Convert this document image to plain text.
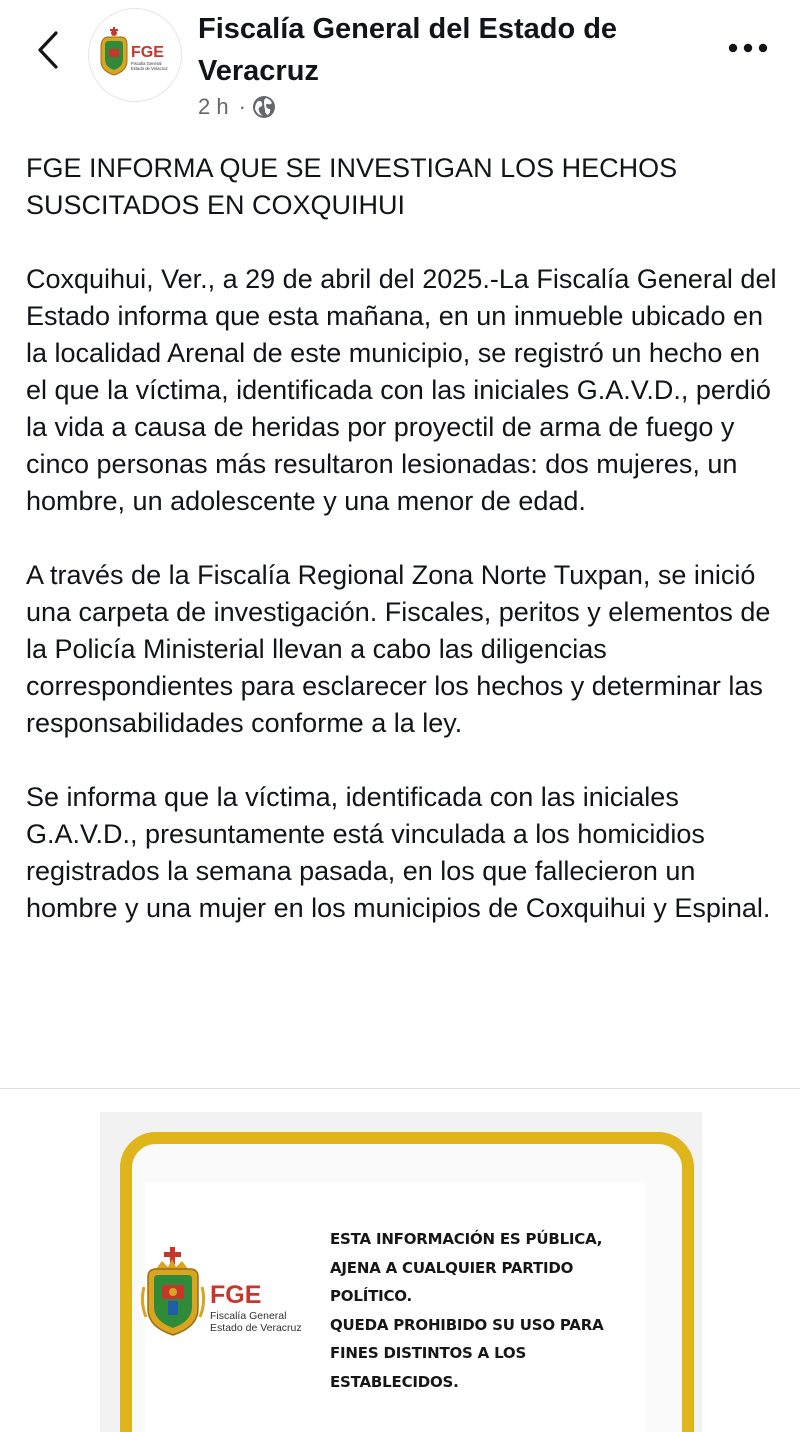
FGE
Fiscalía General
Estado de Veracruz
Fiscalía General del Estado de Veracruz
2 h ·

FGE INFORMA QUE SE INVESTIGAN LOS HECHOS SUSCITADOS EN COXQUIHUI

Coxquihui, Ver., a 29 de abril del 2025.-La Fiscalía General del Estado informa que esta mañana, en un inmueble ubicado en la localidad Arenal de este municipio, se registró un hecho en el que la víctima, identificada con las iniciales G.A.V.D., perdió la vida a causa de heridas por proyectil de arma de fuego y cinco personas más resultaron lesionadas: dos mujeres, un hombre, un adolescente y una menor de edad.

A través de la Fiscalía Regional Zona Norte Tuxpan, se inició una carpeta de investigación. Fiscales, peritos y elementos de la Policía Ministerial llevan a cabo las diligencias correspondientes para esclarecer los hechos y determinar las responsabilidades conforme a la ley.

Se informa que la víctima, identificada con las iniciales G.A.V.D., presuntamente está vinculada a los homicidios registrados la semana pasada, en los que fallecieron un hombre y una mujer en los municipios de Coxquihui y Espinal.

FGE
Fiscalía General
Estado de Veracruz
ESTA INFORMACIÓN ES PÚBLICA,
AJENA A CUALQUIER PARTIDO
POLÍTICO.
QUEDA PROHIBIDO SU USO PARA
FINES DISTINTOS A LOS
ESTABLECIDOS.
